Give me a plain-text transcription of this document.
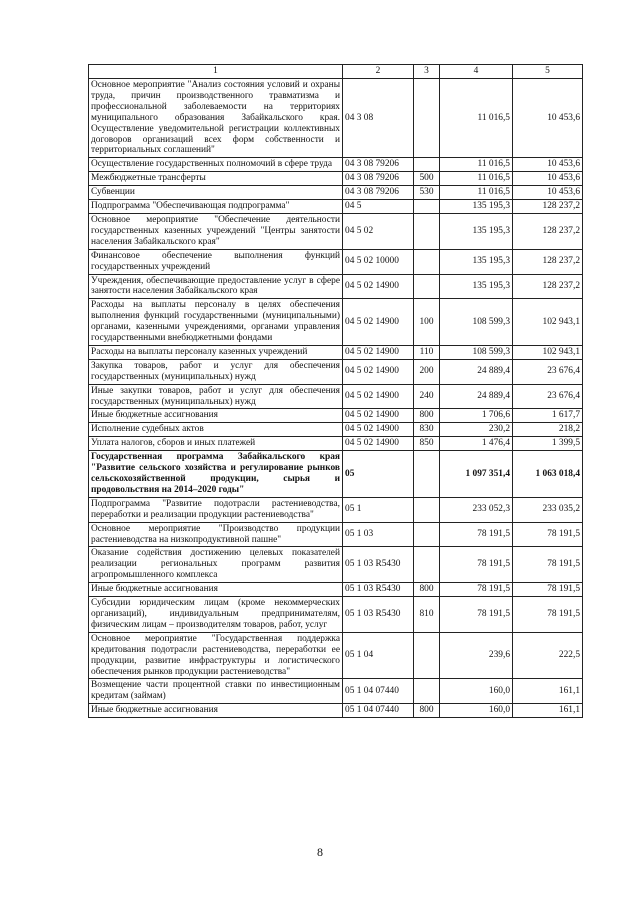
1	2	3	4	5
Основное мероприятие "Анализ состояния условий и охраны труда, причин производственного травматизма и профессиональной заболеваемости на территориях муниципального образования Забайкальского края. Осуществление уведомительной регистрации коллективных договоров организаций всех форм собственности и территориальных соглашений"	04 3 08		11 016,5	10 453,6
Осуществление государственных полномочий в сфере труда	04 3 08 79206		11 016,5	10 453,6
Межбюджетные трансферты	04 3 08 79206	500	11 016,5	10 453,6
Субвенции	04 3 08 79206	530	11 016,5	10 453,6
Подпрограмма "Обеспечивающая подпрограмма"	04 5		135 195,3	128 237,2
Основное мероприятие "Обеспечение деятельности государственных казенных учреждений "Центры занятости населения Забайкальского края"	04 5 02		135 195,3	128 237,2
Финансовое обеспечение выполнения функций государственных учреждений	04 5 02 10000		135 195,3	128 237,2
Учреждения, обеспечивающие предоставление услуг в сфере занятости населения Забайкальского края	04 5 02 14900		135 195,3	128 237,2
Расходы на выплаты персоналу в целях обеспечения выполнения функций государственными (муниципальными) органами, казенными учреждениями, органами управления государственными внебюджетными фондами	04 5 02 14900	100	108 599,3	102 943,1
Расходы на выплаты персоналу казенных учреждений	04 5 02 14900	110	108 599,3	102 943,1
Закупка товаров, работ и услуг для обеспечения государственных (муниципальных) нужд	04 5 02 14900	200	24 889,4	23 676,4
Иные закупки товаров, работ и услуг для обеспечения государственных (муниципальных) нужд	04 5 02 14900	240	24 889,4	23 676,4
Иные бюджетные ассигнования	04 5 02 14900	800	1 706,6	1 617,7
Исполнение судебных актов	04 5 02 14900	830	230,2	218,2
Уплата налогов, сборов и иных платежей	04 5 02 14900	850	1 476,4	1 399,5
Государственная программа Забайкальского края "Развитие сельского хозяйства и регулирование рынков сельскохозяйственной продукции, сырья и продовольствия на 2014–2020 годы"	05		1 097 351,4	1 063 018,4
Подпрограмма "Развитие подотрасли растениеводства, переработки и реализации продукции растениеводства"	05 1		233 052,3	233 035,2
Основное мероприятие "Производство продукции растениеводства на низкопродуктивной пашне"	05 1 03		78 191,5	78 191,5
Оказание содействия достижению целевых показателей реализации региональных программ развития агропромышленного комплекса	05 1 03 R5430		78 191,5	78 191,5
Иные бюджетные ассигнования	05 1 03 R5430	800	78 191,5	78 191,5
Субсидии юридическим лицам (кроме некоммерческих организаций), индивидуальным предпринимателям, физическим лицам – производителям товаров, работ, услуг	05 1 03 R5430	810	78 191,5	78 191,5
Основное мероприятие "Государственная поддержка кредитования подотрасли растениеводства, переработки ее продукции, развитие инфраструктуры и логистического обеспечения рынков продукции растениеводства"	05 1 04		239,6	222,5
Возмещение части процентной ставки по инвестиционным кредитам (займам)	05 1 04 07440		160,0	161,1
Иные бюджетные ассигнования	05 1 04 07440	800	160,0	161,1
8
